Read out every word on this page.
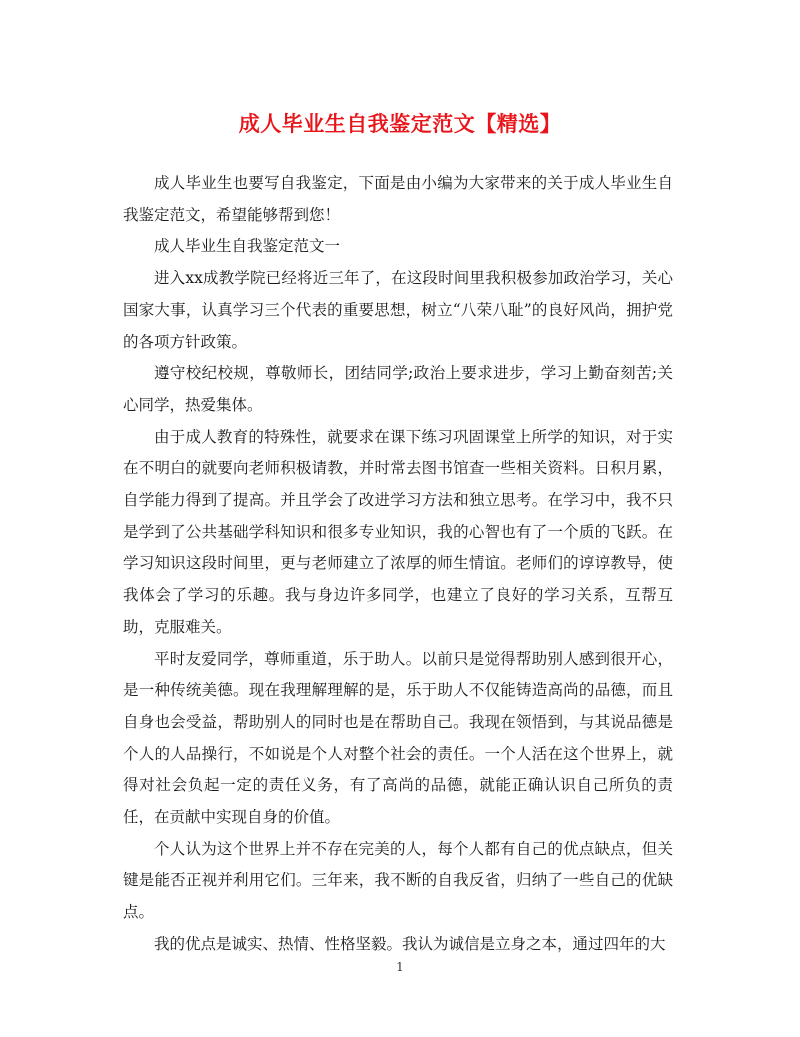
成人毕业生自我鉴定范文【精选】

成人毕业生也要写自我鉴定，下面是由小编为大家带来的关于成人毕业生自我鉴定范文，希望能够帮到您！

成人毕业生自我鉴定范文一

进入xx成教学院已经将近三年了，在这段时间里我积极参加政治学习，关心国家大事，认真学习三个代表的重要思想，树立“八荣八耻”的良好风尚，拥护党的各项方针政策。

遵守校纪校规，尊敬师长，团结同学;政治上要求进步，学习上勤奋刻苦;关心同学，热爱集体。

由于成人教育的特殊性，就要求在课下练习巩固课堂上所学的知识，对于实在不明白的就要向老师积极请教，并时常去图书馆查一些相关资料。日积月累，自学能力得到了提高。并且学会了改进学习方法和独立思考。在学习中，我不只是学到了公共基础学科知识和很多专业知识，我的心智也有了一个质的飞跃。在学习知识这段时间里，更与老师建立了浓厚的师生情谊。老师们的谆谆教导，使我体会了学习的乐趣。我与身边许多同学，也建立了良好的学习关系，互帮互助，克服难关。

平时友爱同学，尊师重道，乐于助人。以前只是觉得帮助别人感到很开心，是一种传统美德。现在我理解理解的是，乐于助人不仅能铸造高尚的品德，而且自身也会受益，帮助别人的同时也是在帮助自己。我现在领悟到，与其说品德是个人的人品操行，不如说是个人对整个社会的责任。一个人活在这个世界上，就得对社会负起一定的责任义务，有了高尚的品德，就能正确认识自己所负的责任，在贡献中实现自身的价值。

个人认为这个世界上并不存在完美的人，每个人都有自己的优点缺点，但关键是能否正视并利用它们。三年来，我不断的自我反省，归纳了一些自己的优缺点。

我的优点是诚实、热情、性格坚毅。我认为诚信是立身之本，通过四年的大

1
